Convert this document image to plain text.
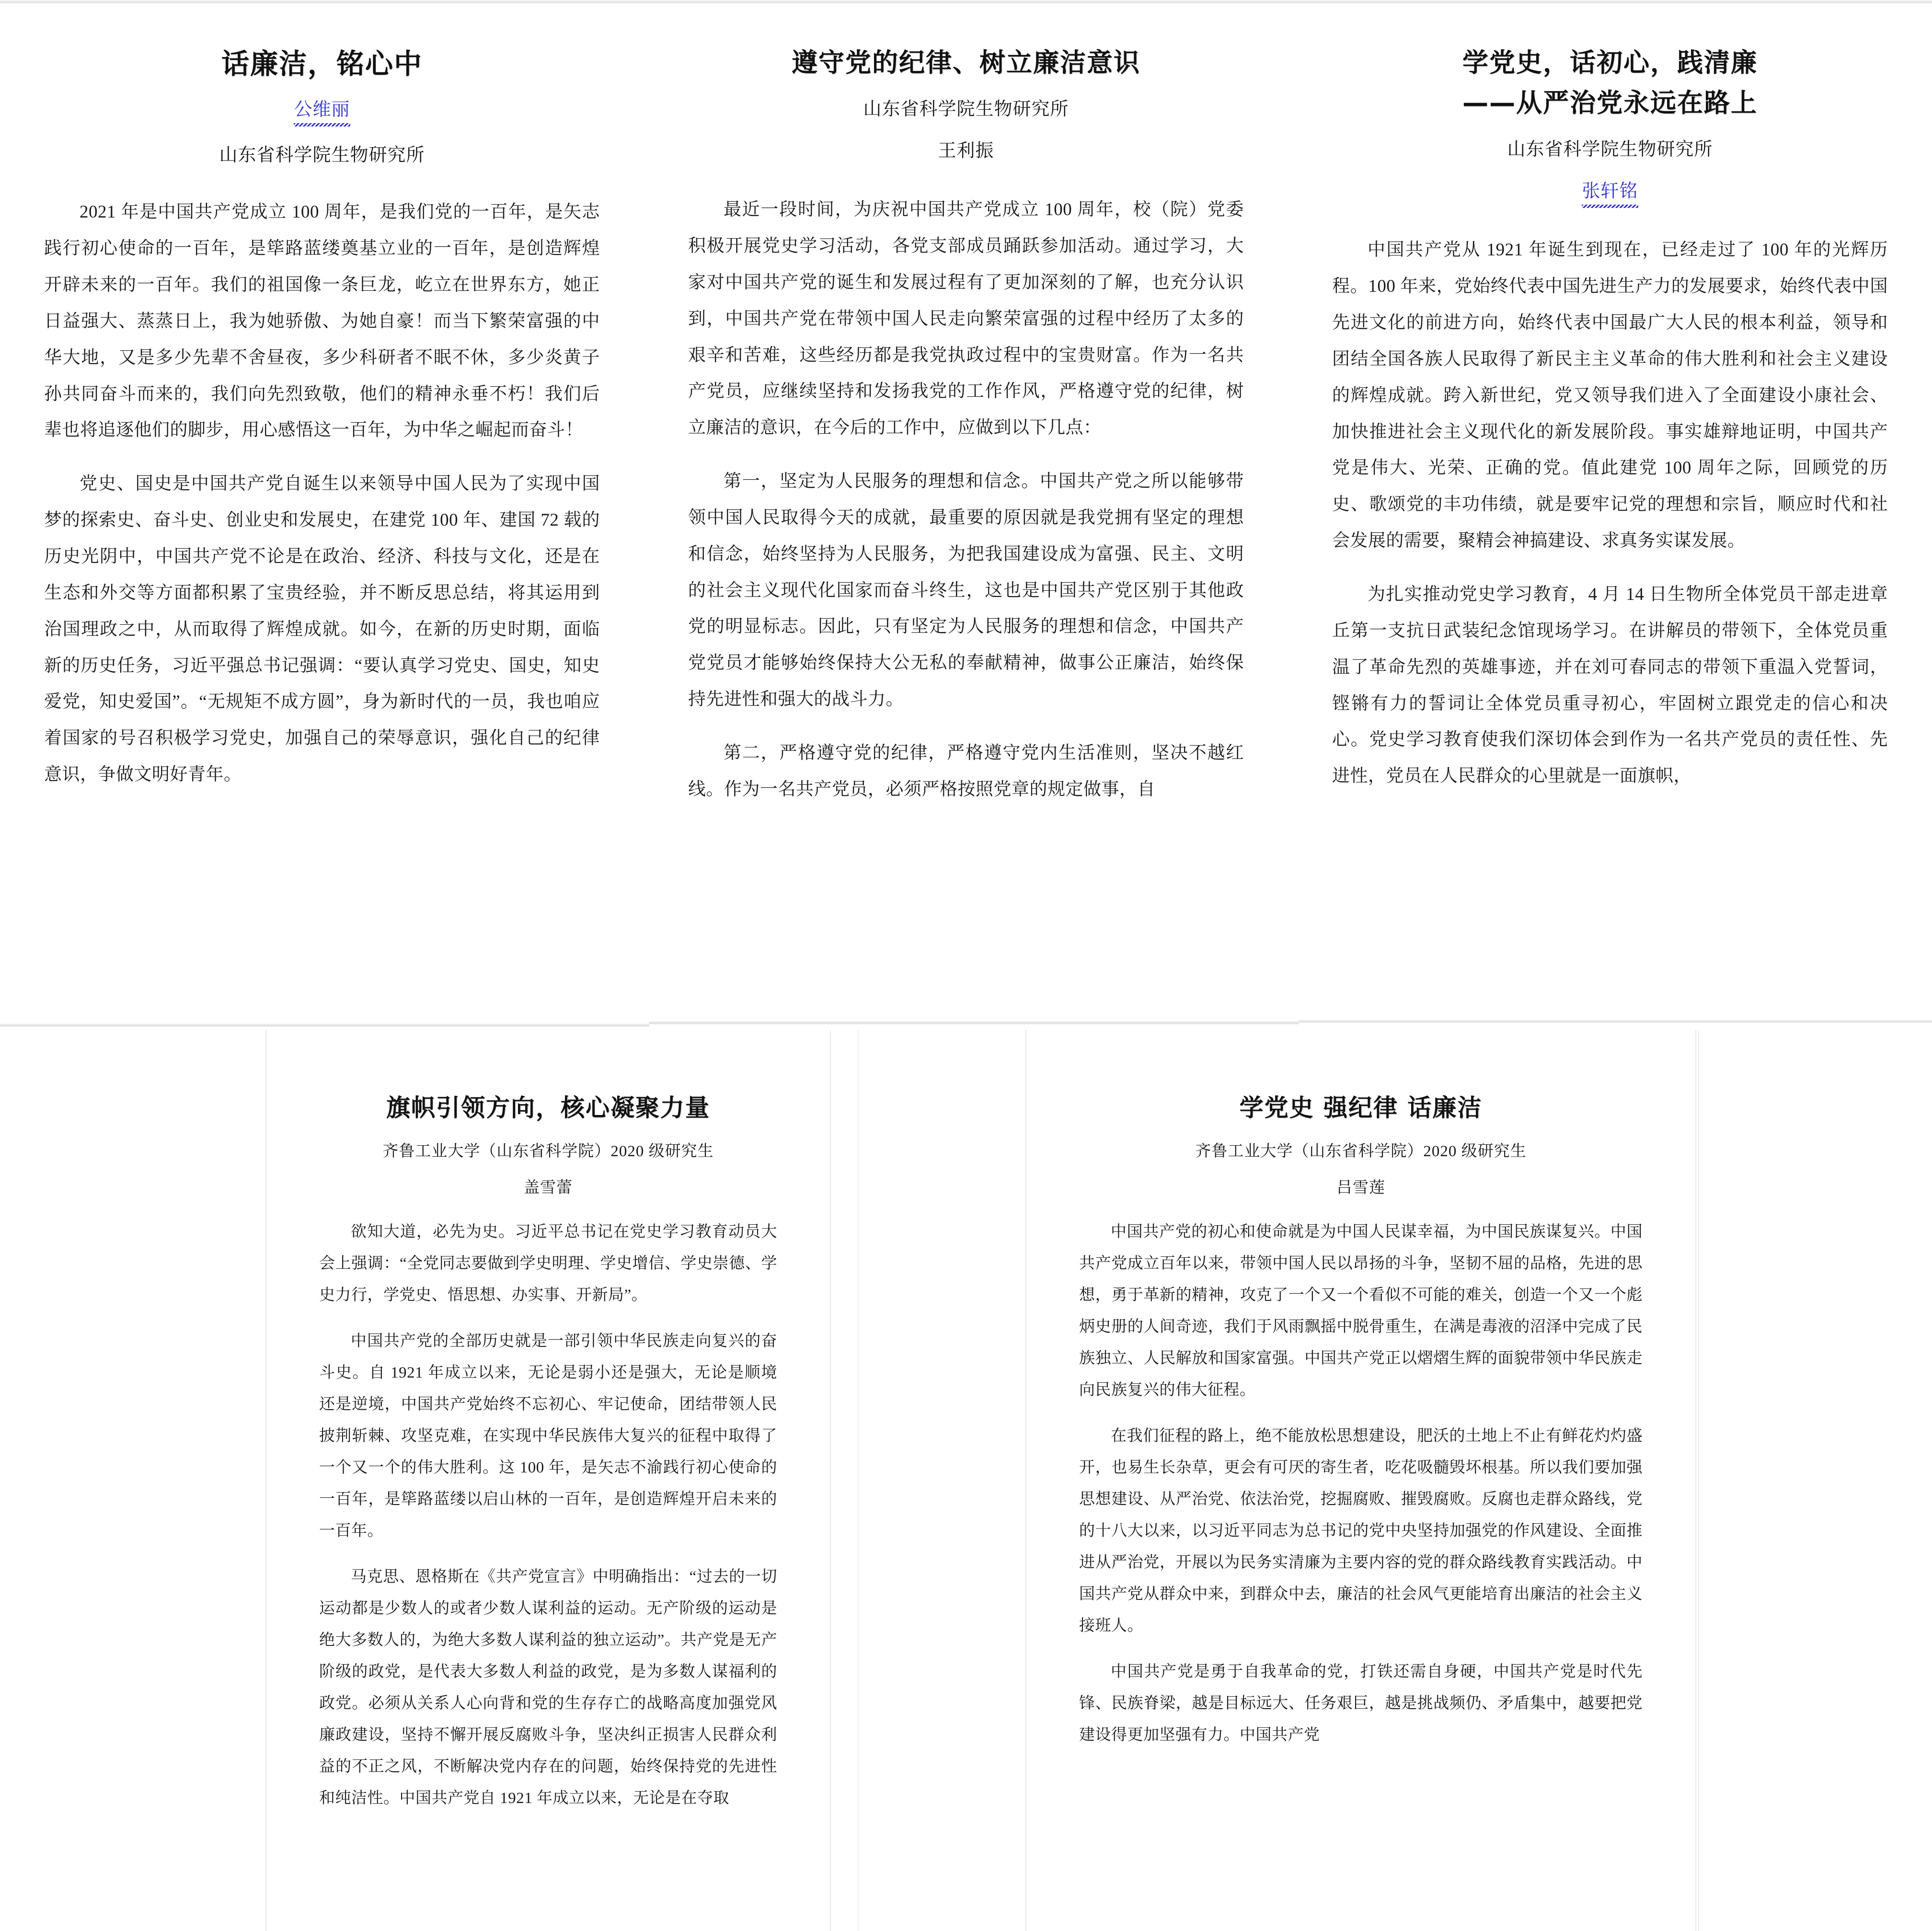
话廉洁，铭心中
公维丽
山东省科学院生物研究所

2021 年是中国共产党成立 100 周年，是我们党的一百年，是矢志践行初心使命的一百年，是筚路蓝缕奠基立业的一百年，是创造辉煌开辟未来的一百年。我们的祖国像一条巨龙，屹立在世界东方，她正日益强大、蒸蒸日上，我为她骄傲、为她自豪！而当下繁荣富强的中华大地，又是多少先辈不舍昼夜，多少科研者不眠不休，多少炎黄子孙共同奋斗而来的，我们向先烈致敬，他们的精神永垂不朽！我们后辈也将追逐他们的脚步，用心感悟这一百年，为中华之崛起而奋斗！

党史、国史是中国共产党自诞生以来领导中国人民为了实现中国梦的探索史、奋斗史、创业史和发展史，在建党 100 年、建国 72 载的历史光阴中，中国共产党不论是在政治、经济、科技与文化，还是在生态和外交等方面都积累了宝贵经验，并不断反思总结，将其运用到治国理政之中，从而取得了辉煌成就。如今，在新的历史时期，面临新的历史任务，习近平强总书记强调：“要认真学习党史、国史，知史爱党，知史爱国”。“无规矩不成方圆”，身为新时代的一员，我也咱应着国家的号召积极学习党史，加强自己的荣辱意识，强化自己的纪律意识，争做文明好青年。

遵守党的纪律、树立廉洁意识
山东省科学院生物研究所
王利振

最近一段时间，为庆祝中国共产党成立 100 周年，校（院）党委积极开展党史学习活动，各党支部成员踊跃参加活动。通过学习，大家对中国共产党的诞生和发展过程有了更加深刻的了解，也充分认识到，中国共产党在带领中国人民走向繁荣富强的过程中经历了太多的艰辛和苦难，这些经历都是我党执政过程中的宝贵财富。作为一名共产党员，应继续坚持和发扬我党的工作作风，严格遵守党的纪律，树立廉洁的意识，在今后的工作中，应做到以下几点：

第一，坚定为人民服务的理想和信念。中国共产党之所以能够带领中国人民取得今天的成就，最重要的原因就是我党拥有坚定的理想和信念，始终坚持为人民服务，为把我国建设成为富强、民主、文明的社会主义现代化国家而奋斗终生，这也是中国共产党区别于其他政党的明显标志。因此，只有坚定为人民服务的理想和信念，中国共产党党员才能够始终保持大公无私的奉献精神，做事公正廉洁，始终保持先进性和强大的战斗力。

第二，严格遵守党的纪律，严格遵守党内生活准则，坚决不越红线。作为一名共产党员，必须严格按照党章的规定做事，自

学党史，话初心，践清廉
——从严治党永远在路上
山东省科学院生物研究所
张轩铭

中国共产党从 1921 年诞生到现在，已经走过了 100 年的光辉历程。100 年来，党始终代表中国先进生产力的发展要求，始终代表中国先进文化的前进方向，始终代表中国最广大人民的根本利益，领导和团结全国各族人民取得了新民主主义革命的伟大胜利和社会主义建设的辉煌成就。跨入新世纪，党又领导我们进入了全面建设小康社会、加快推进社会主义现代化的新发展阶段。事实雄辩地证明，中国共产党是伟大、光荣、正确的党。值此建党 100 周年之际，回顾党的历史、歌颂党的丰功伟绩，就是要牢记党的理想和宗旨，顺应时代和社会发展的需要，聚精会神搞建设、求真务实谋发展。

为扎实推动党史学习教育，4 月 14 日生物所全体党员干部走进章丘第一支抗日武装纪念馆现场学习。在讲解员的带领下，全体党员重温了革命先烈的英雄事迹，并在刘可春同志的带领下重温入党誓词，铿锵有力的誓词让全体党员重寻初心，牢固树立跟党走的信心和决心。党史学习教育使我们深切体会到作为一名共产党员的责任性、先进性，党员在人民群众的心里就是一面旗帜，

旗帜引领方向，核心凝聚力量
齐鲁工业大学（山东省科学院）2020 级研究生
盖雪蕾

欲知大道，必先为史。习近平总书记在党史学习教育动员大会上强调：“全党同志要做到学史明理、学史增信、学史崇德、学史力行，学党史、悟思想、办实事、开新局”。

中国共产党的全部历史就是一部引领中华民族走向复兴的奋斗史。自 1921 年成立以来，无论是弱小还是强大，无论是顺境还是逆境，中国共产党始终不忘初心、牢记使命，团结带领人民披荆斩棘、攻坚克难，在实现中华民族伟大复兴的征程中取得了一个又一个的伟大胜利。这 100 年，是矢志不渝践行初心使命的一百年，是筚路蓝缕以启山林的一百年，是创造辉煌开启未来的一百年。

马克思、恩格斯在《共产党宣言》中明确指出：“过去的一切运动都是少数人的或者少数人谋利益的运动。无产阶级的运动是绝大多数人的，为绝大多数人谋利益的独立运动”。共产党是无产阶级的政党，是代表大多数人利益的政党，是为多数人谋福利的政党。必须从关系人心向背和党的生存存亡的战略高度加强党风廉政建设，坚持不懈开展反腐败斗争，坚决纠正损害人民群众利益的不正之风，不断解决党内存在的问题，始终保持党的先进性和纯洁性。中国共产党自 1921 年成立以来，无论是在夺取

学党史 强纪律 话廉洁
齐鲁工业大学（山东省科学院）2020 级研究生
吕雪莲

中国共产党的初心和使命就是为中国人民谋幸福，为中国民族谋复兴。中国共产党成立百年以来，带领中国人民以昂扬的斗争，坚韧不屈的品格，先进的思想，勇于革新的精神，攻克了一个又一个看似不可能的难关，创造一个又一个彪炳史册的人间奇迹，我们于风雨飘摇中脱骨重生，在满是毒液的沼泽中完成了民族独立、人民解放和国家富强。中国共产党正以熠熠生辉的面貌带领中华民族走向民族复兴的伟大征程。

在我们征程的路上，绝不能放松思想建设，肥沃的土地上不止有鲜花灼灼盛开，也易生长杂草，更会有可厌的寄生者，吃花吸髓毁坏根基。所以我们要加强思想建设、从严治党、依法治党，挖掘腐败、摧毁腐败。反腐也走群众路线，党的十八大以来，以习近平同志为总书记的党中央坚持加强党的作风建设、全面推进从严治党，开展以为民务实清廉为主要内容的党的群众路线教育实践活动。中国共产党从群众中来，到群众中去，廉洁的社会风气更能培育出廉洁的社会主义接班人。

中国共产党是勇于自我革命的党，打铁还需自身硬，中国共产党是时代先锋、民族脊梁，越是目标远大、任务艰巨，越是挑战频仍、矛盾集中，越要把党建设得更加坚强有力。中国共产党
